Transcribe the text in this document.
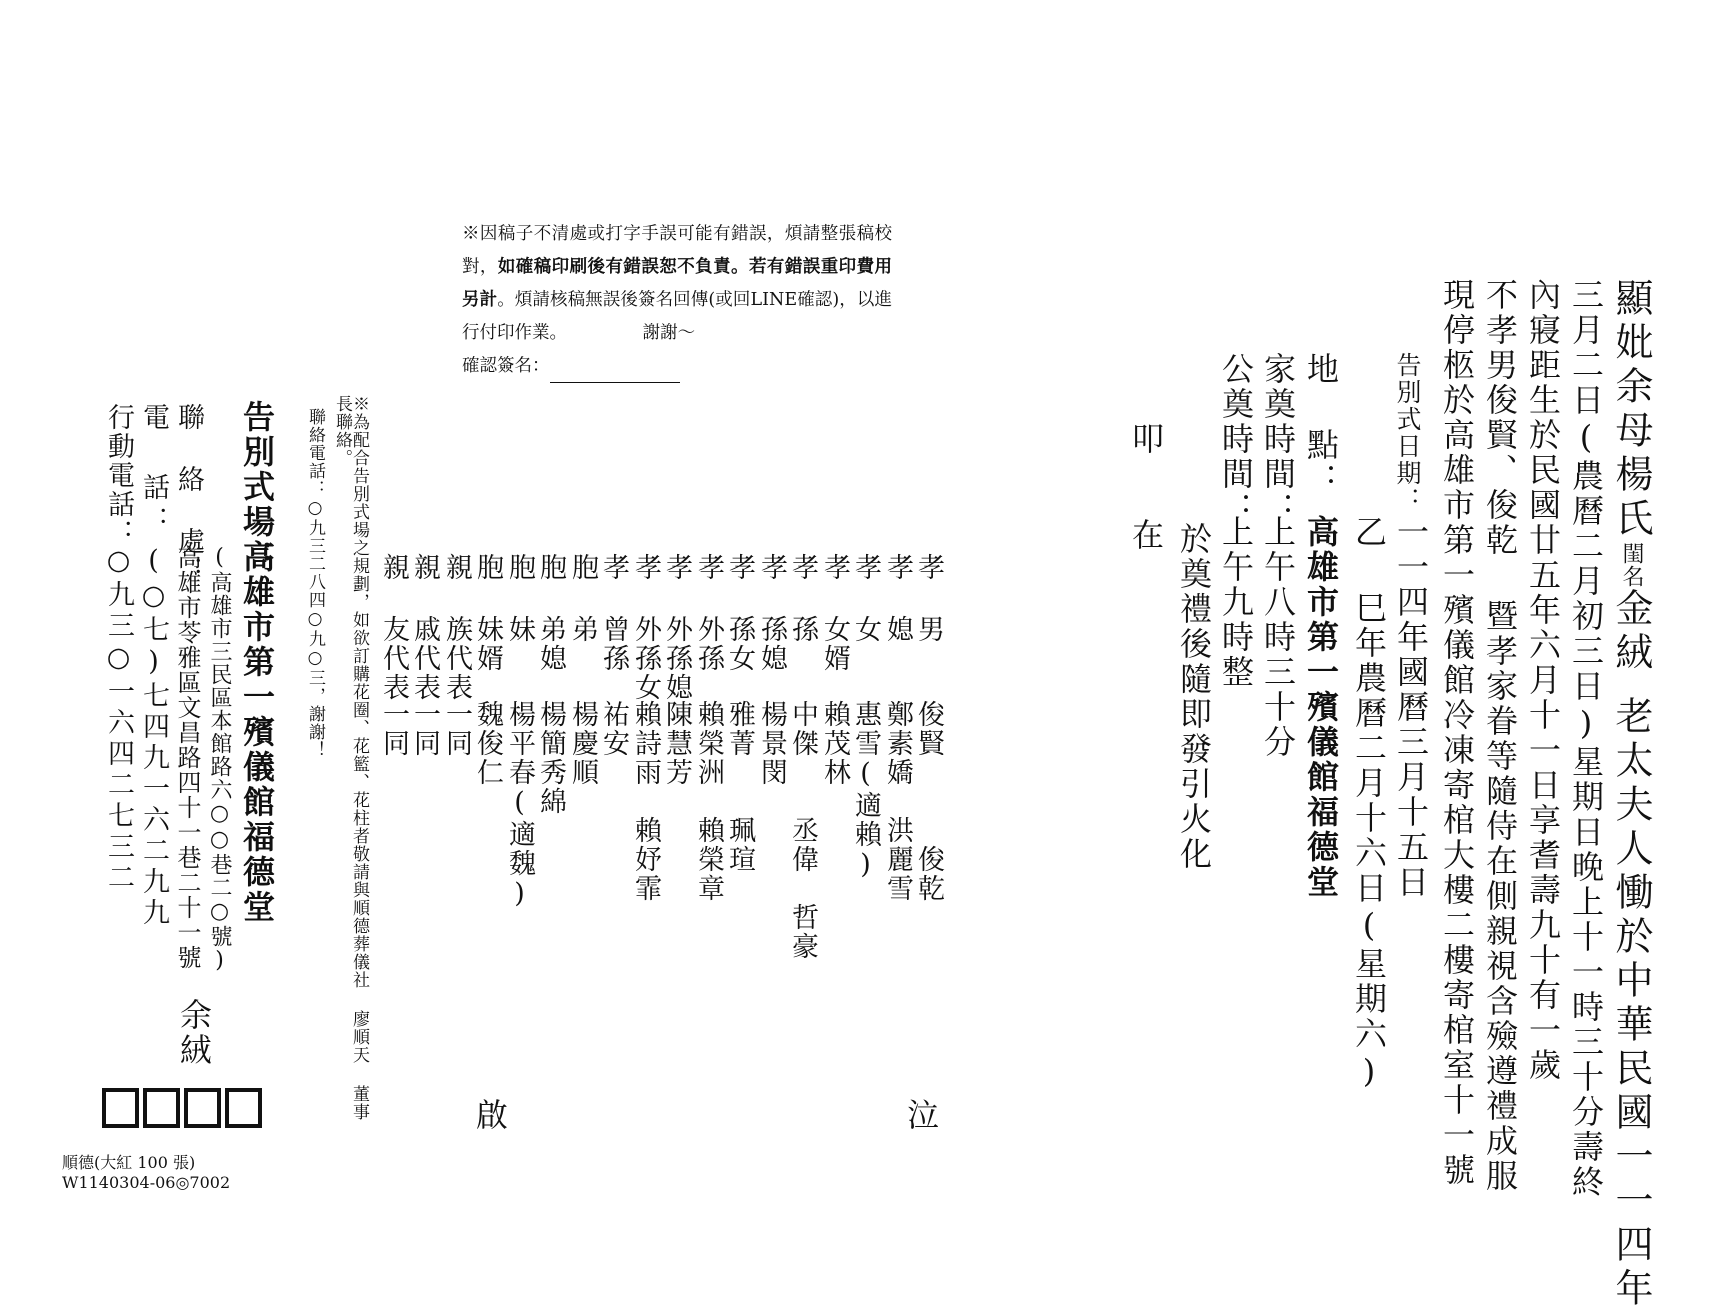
※因稿子不清處或打字手誤可能有錯誤，煩請整張稿校對，如確稿印刷後有錯誤恕不負責。若有錯誤重印費用另計。煩請核稿無誤後簽名回傳(或回LINE確認)，以進行付印作業。	謝謝～
確認簽名：	顯妣余母楊氏閨名金絨老太夫人慟於中華民國一一四年
三月二日(農曆二月初三日)星期日晚上十一時三十分壽終
內寢距生於民國廿五年六月十一日享耆壽九十有一歲
不孝男俊賢、俊乾 暨孝家眷等隨侍在側親視含殮遵禮成服
現停柩於高雄市第一殯儀館冷凍寄棺大樓二樓寄棺室十一號
告別式日期：
一一四年國曆三月十五日
乙 巳年農曆二月十六日(星期六)
地 點：
高雄市第一殯儀館福德堂
家奠時間：
上午八時三十分
公奠時間：
上午九時整
於奠禮後隨即發引火化
叩
在
孝 男
俊賢　　　俊乾
孝 媳
鄭素嬌　洪麗雪
孝 女
惠雪(適賴)
孝 女婿
賴茂林
孝 孫
中傑　　丞偉　哲豪
孝 孫媳
楊景閔
孝 孫女
雅菁　　珮瑄
孝 外孫
賴榮洲　賴榮章
孝 外孫媳
陳慧芳
孝 外孫女
賴詩雨　賴妤霏
孝 曾孫
祐安
胞 弟
楊慶順
胞 弟媳
楊簡秀綿
胞 妹
楊平春(適魏)
胞 妹婿
魏俊仁
親 族代表
一同
親 戚代表
一同
親 友代表
一同
泣
啟
※為配合告別式場之規劃，如欲訂購花圈、花籃、花柱者敬請與順德葬儀社 廖順天 董事長聯絡。
聯絡電話：○九三二八四○九○三，謝謝！
告別式場：
高雄市第一殯儀館福德堂
(高雄市三民區本館路六○○巷二○號)
聯 絡 處：
高雄市苓雅區文昌路四十一巷二十一號
電 話：
(○七)七四九一六二九九
行動電話：
○九三○一六四二七三二
余絨
順德(大紅 100 張)
W1140304-06◎7002
